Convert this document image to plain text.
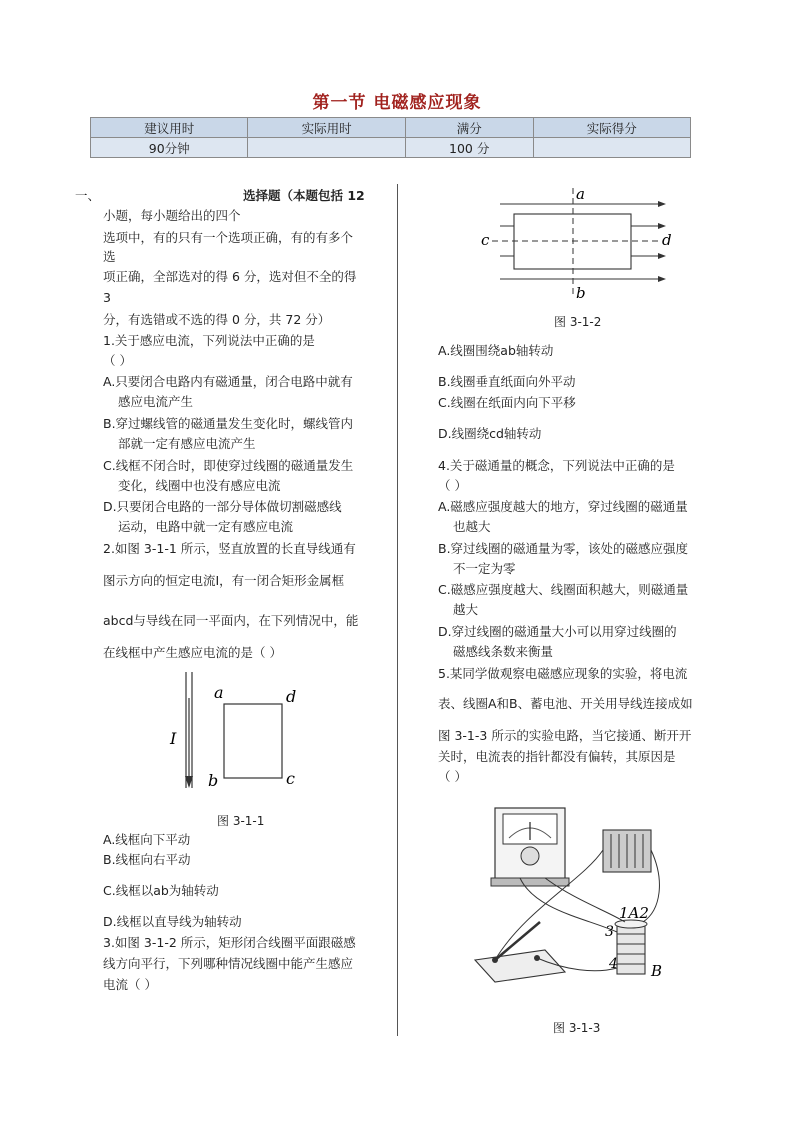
第一节 电磁感应现象
建议用时	实际用时	满分	实际得分
90分钟		100 分	
一、	选择题（本题包括 12
小题，每小题给出的四个
选项中，有的只有一个选项正确，有的有多个
选
项正确，全部选对的得 6 分，选对但不全的得
3
分，有选错或不选的得 0 分，共 72 分）
1.关于感应电流，下列说法中正确的是
（ ）
A.只要闭合电路内有磁通量，闭合电路中就有
感应电流产生
B.穿过螺线管的磁通量发生变化时，螺线管内
部就一定有感应电流产生
C.线框不闭合时，即使穿过线圈的磁通量发生
变化，线圈中也没有感应电流
D.只要闭合电路的一部分导体做切割磁感线
运动，电路中就一定有感应电流
2.如图 3-1-1 所示，竖直放置的长直导线通有
图示方向的恒定电流I，有一闭合矩形金属框
abcd与导线在同一平面内，在下列情况中，能
在线框中产生感应电流的是（ ）
I
a	d
b	c
图 3-1-1
A.线框向下平动
B.线框向右平动
C.线框以ab为轴转动
D.线框以直导线为轴转动
3.如图 3-1-2 所示，矩形闭合线圈平面跟磁感
线方向平行，下列哪种情况线圈中能产生感应
电流（ ）
a
b
c	d
图 3-1-2
A.线圈围绕ab轴转动
B.线圈垂直纸面向外平动
C.线圈在纸面内向下平移
D.线圈绕cd轴转动
4.关于磁通量的概念，下列说法中正确的是
（ ）
A.磁感应强度越大的地方，穿过线圈的磁通量
也越大
B.穿过线圈的磁通量为零，该处的磁感应强度
不一定为零
C.磁感应强度越大、线圈面积越大，则磁通量
越大
D.穿过线圈的磁通量大小可以用穿过线圈的
磁感线条数来衡量
5.某同学做观察电磁感应现象的实验，将电流
表、线圈A和B、蓄电池、开关用导线连接成如
图 3-1-3 所示的实验电路，当它接通、断开开
关时，电流表的指针都没有偏转，其原因是
（ ）
1A2
3
4 B
图 3-1-3
